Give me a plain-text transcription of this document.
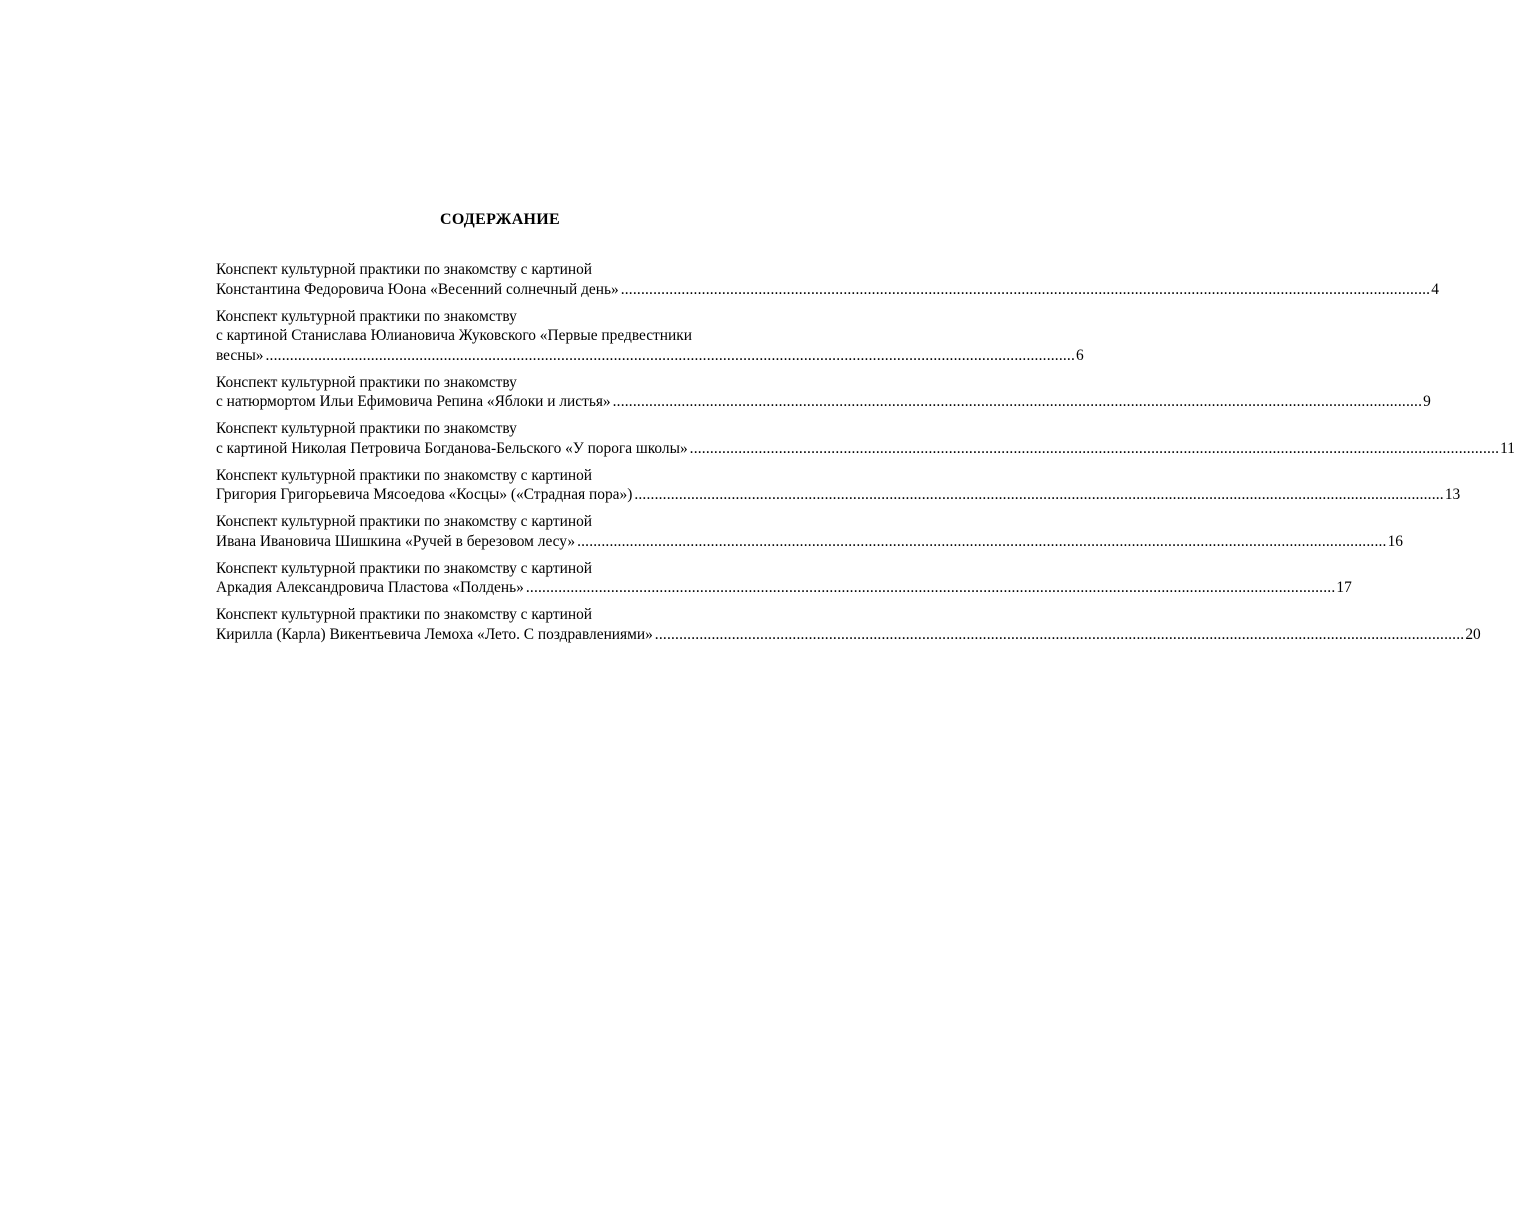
СОДЕРЖАНИЕ
Конспект культурной практики по знакомству с картиной
Константина Федоровича Юона «Весенний солнечный день» ........................................................................................................................................................................................................ 4
Конспект культурной практики по знакомству
с картиной Станислава Юлиановича Жуковского «Первые предвестники
весны» ........................................................................................................................................................................................................ 6
Конспект культурной практики по знакомству
с натюрмортом Ильи Ефимовича Репина «Яблоки и листья» ........................................................................................................................................................................................................ 9
Конспект культурной практики по знакомству
с картиной Николая Петровича Богданова-Бельского «У порога школы» ........................................................................................................................................................................................................ 11
Конспект культурной практики по знакомству с картиной
Григория Григорьевича Мясоедова «Косцы» («Страдная пора») ........................................................................................................................................................................................................ 13
Конспект культурной практики по знакомству с картиной
Ивана Ивановича Шишкина «Ручей в березовом лесу» ........................................................................................................................................................................................................ 16
Конспект культурной практики по знакомству с картиной
Аркадия Александровича Пластова «Полдень» ........................................................................................................................................................................................................ 17
Конспект культурной практики по знакомству с картиной
Кирилла (Карла) Викентьевича Лемоха «Лето. С поздравлениями» ........................................................................................................................................................................................................ 20
